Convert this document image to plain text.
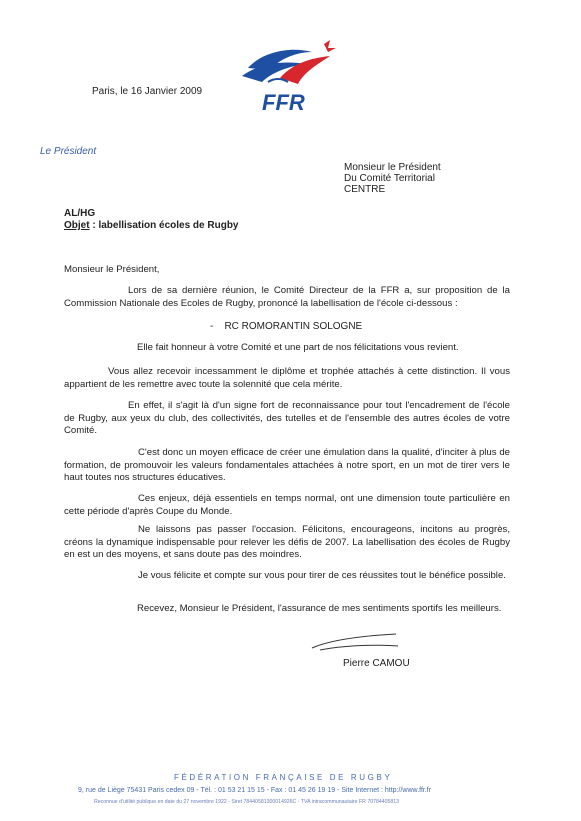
FFR
Paris, le 16 Janvier 2009
Le Président
Monsieur le Président
Du Comité Territorial
CENTRE
AL/HG
Objet : labellisation écoles de Rugby
Monsieur le Président,
Lors de sa dernière réunion, le Comité Directeur de la FFR a, sur proposition de la Commission Nationale des Ecoles de Rugby, prononcé la labellisation de l'école ci-dessous :
-    RC ROMORANTIN SOLOGNE
Elle fait honneur à votre Comité et une part de nos félicitations vous revient.
Vous allez recevoir incessamment le diplôme et trophée attachés à cette distinction. Il vous appartient de les remettre avec toute la solennité que cela mérite.
En effet, il s'agit là d'un signe fort de reconnaissance pour tout l'encadrement de l'école de Rugby, aux yeux du club, des collectivités, des tutelles et de l'ensemble des autres écoles de votre Comité.
C'est donc un moyen efficace de créer une émulation dans la qualité, d'inciter à plus de formation, de promouvoir les valeurs fondamentales attachées à notre sport, en un mot de tirer vers le haut toutes nos structures éducatives.
Ces enjeux, déjà essentiels en temps normal, ont une dimension toute particulière en cette période d'après Coupe du Monde.
Ne laissons pas passer l'occasion. Félicitons, encourageons, incitons au progrès, créons la dynamique indispensable pour relever les défis de 2007. La labellisation des écoles de Rugby en est un des moyens, et sans doute pas des moindres.
Je vous félicite et compte sur vous pour tirer de ces réussites tout le bénéfice possible.
Recevez, Monsieur le Président, l'assurance de mes sentiments sportifs les meilleurs.
Pierre CAMOU
FÉDÉRATION FRANÇAISE DE RUGBY
9, rue de Liège 75431 Paris cedex 09 - Tél. : 01 53 21 15 15 - Fax : 01 45 26 19 19 - Site Internet : http://www.ffr.fr
Reconnue d'utilité publique en date du 27 novembre 1922 - Siret 78440581300014926C - TVA intracommunautaire FR 70784405813
